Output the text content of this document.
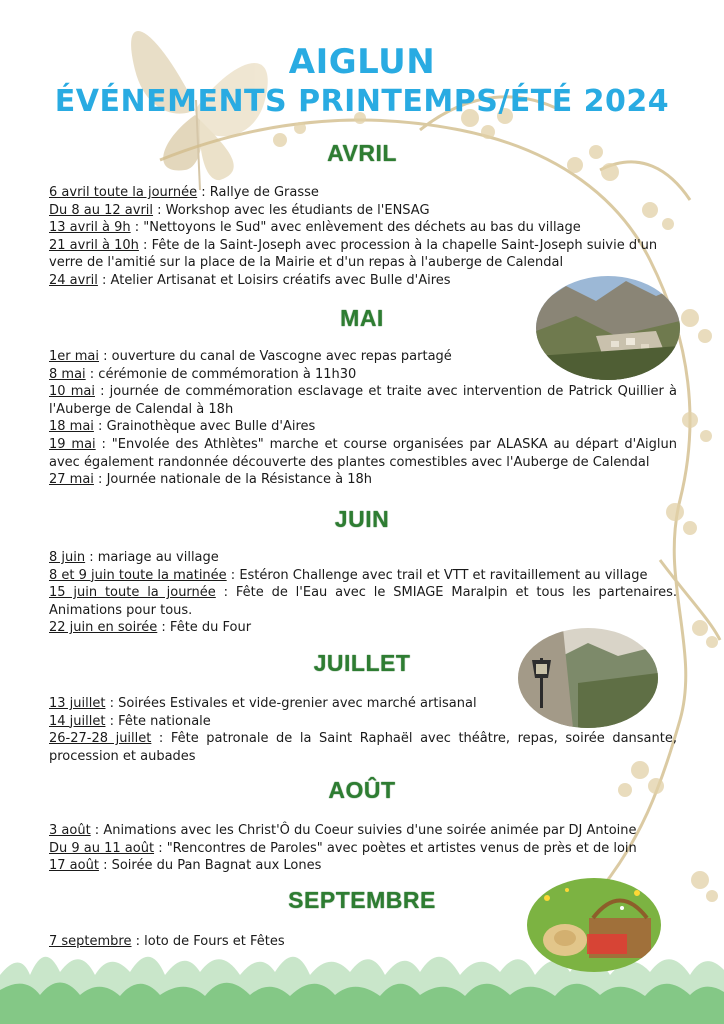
AIGLUN
ÉVÉNEMENTS PRINTEMPS/ÉTÉ 2024
AVRIL
6 avril toute la journée : Rallye de Grasse
Du 8 au 12 avril : Workshop avec les étudiants de l'ENSAG
13 avril à 9h : "Nettoyons le Sud" avec enlèvement des déchets au bas du village
21 avril à 10h : Fête de la Saint-Joseph avec procession à la chapelle Saint-Joseph suivie d'un verre de l'amitié sur la place de la Mairie et d'un repas à l'auberge de Calendal
24 avril : Atelier Artisanat et Loisirs créatifs avec Bulle d'Aires
MAI
1er mai : ouverture du canal de Vascogne avec repas partagé
8 mai : cérémonie de commémoration à 11h30
10 mai : journée de commémoration esclavage et traite avec intervention de Patrick Quillier à l'Auberge de Calendal à 18h
18 mai : Grainothèque avec Bulle d'Aires
19 mai : "Envolée des Athlètes" marche et course organisées par ALASKA au départ d'Aiglun avec également randonnée découverte des plantes comestibles avec l'Auberge de Calendal
27 mai : Journée nationale de la Résistance à 18h
JUIN
8 juin : mariage au village
8 et 9 juin toute la matinée : Estéron Challenge avec trail et VTT et ravitaillement au village
15 juin toute la journée : Fête de l'Eau avec le SMIAGE Maralpin et tous les partenaires. Animations pour tous.
22 juin en soirée : Fête du Four
JUILLET
13 juillet : Soirées Estivales et vide-grenier avec marché artisanal
14 juillet : Fête nationale
26-27-28 juillet : Fête patronale de la Saint Raphaël avec théâtre, repas, soirée dansante, procession et aubades
AOÛT
3 août : Animations avec les Christ'Ô du Coeur suivies d'une soirée animée par DJ Antoine
Du 9 au 11 août : "Rencontres de Paroles" avec poètes et artistes venus de près et de loin
17 août : Soirée du Pan Bagnat aux Lones
SEPTEMBRE
7 septembre : loto de Fours et Fêtes
